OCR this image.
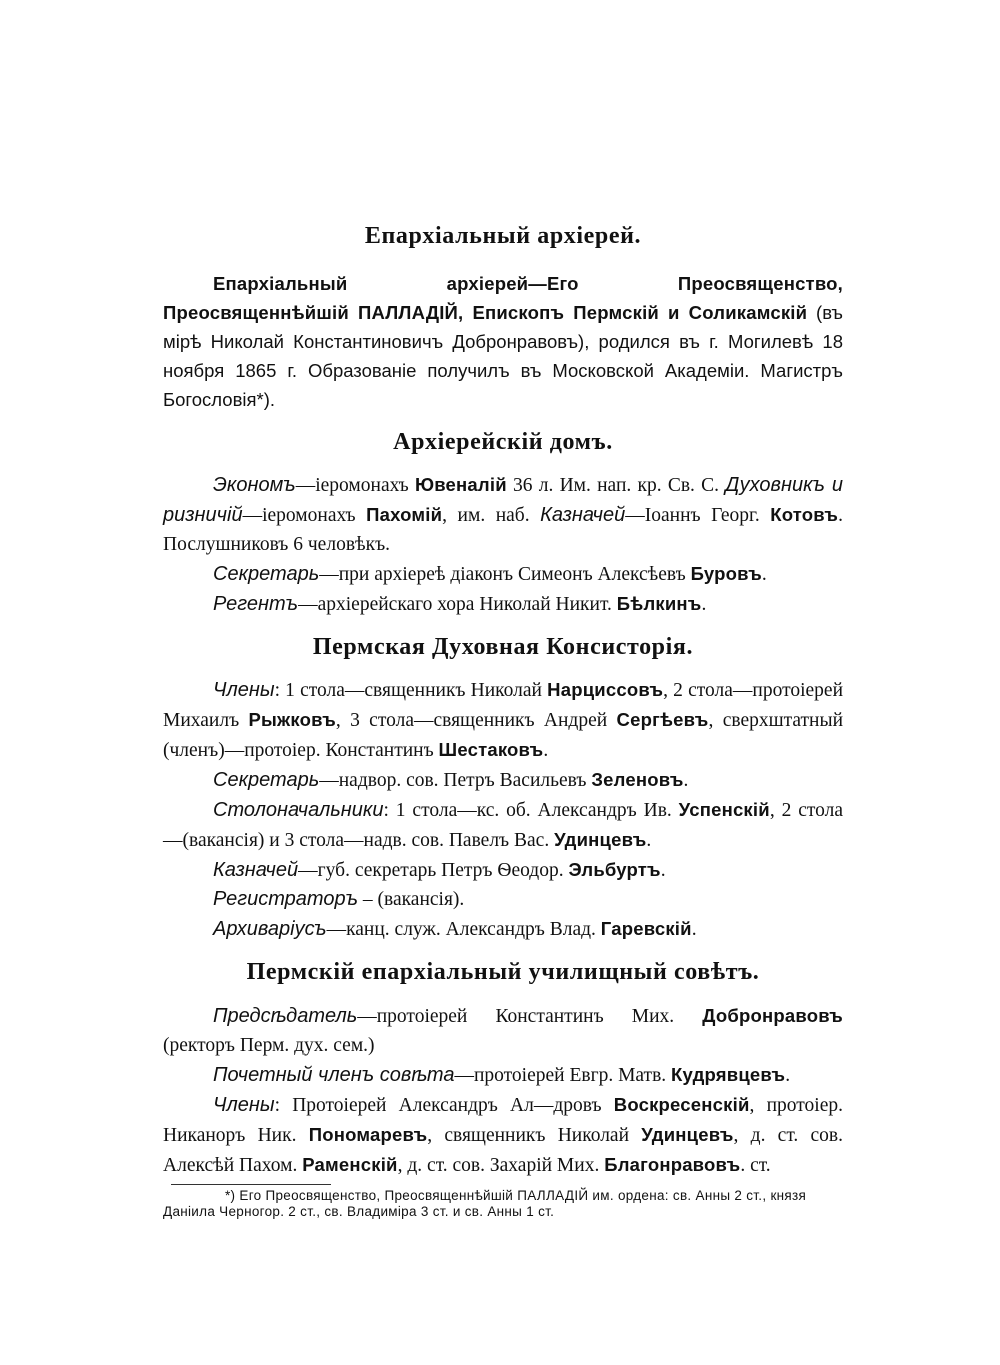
Епархіальный архіерей.

Епархіальный архіерей—Его Преосвященство, Преосвященнѣйшій ПАЛЛАДІЙ, Епископъ Пермскій и Соликамскій (въ мірѣ Николай Константиновичъ Добронравовъ), родился въ г. Могилевѣ 18 ноября 1865 г. Образованіе получилъ въ Московской Академіи. Магистръ Богословія*).

Архіерейскій домъ.

Экономъ—іеромонахъ Ювеналій 36 л. Им. нап. кр. Св. С. Духовникъ и ризничій—іеромонахъ Пахомій, им. наб. Казначей—Іоаннъ Георг. Котовъ. Послушниковъ 6 человѣкъ.

Секретарь—при архіереѣ діаконъ Симеонъ Алексѣевъ Буровъ.

Регентъ—архіерейскаго хора Николай Никит. Бѣлкинъ.

Пермская Духовная Консисторія.

Члены: 1 стола—священникъ Николай Нарциссовъ, 2 стола—протоіерей Михаилъ Рыжковъ, 3 стола—священникъ Андрей Сергѣевъ, сверхштатный (членъ)—протоіер. Константинъ Шестаковъ.

Секретарь—надвор. сов. Петръ Васильевъ Зеленовъ.

Столоначальники: 1 стола—кс. об. Александръ Ив. Успенскій, 2 стола—(вакансія) и 3 стола—надв. сов. Павелъ Вас. Удинцевъ.

Казначей—губ. секретарь Петръ Ѳеодор. Эльбуртъ.

Регистраторъ – (вакансія).

Архиваріусъ—канц. служ. Александръ Влад. Гаревскій.

Пермскій епархіальный училищный совѣтъ.

Предсѣдатель—протоіерей Константинъ Мих. Добронравовъ (ректоръ Перм. дух. сем.)

Почетный членъ совѣта—протоіерей Евгр. Матв. Кудрявцевъ.

Члены: Протоіерей Александръ Ал—дровъ Воскресенскій, протоіер. Никаноръ Ник. Пономаревъ, священникъ Николай Удинцевъ, д. ст. сов. Алексѣй Пахом. Раменскій, д. ст. сов. Захарій Мих. Благонравовъ. ст.

*) Его Преосвященство, Преосвященнѣйшій ПАЛЛАДІЙ им. ордена: св. Анны 2 ст., князя Даніила Черногор. 2 ст., св. Владиміра 3 ст. и св. Анны 1 ст.
